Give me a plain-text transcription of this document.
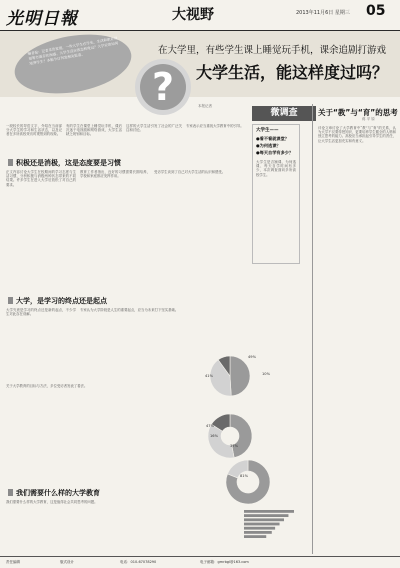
光明日報	大视野	2013年11月6日 星期三 05
编者按：记者采访发现，一些大学生在学业、生活和职业规划等方面存在困惑。大学生活应该怎样度过？大学应该如何培养学生？本版今日刊发相关报道。
在大学里，有些学生课上睡觉玩手机，课余追剧打游戏
大学生活，能这样度过吗？
?	本报记者
一段较长的导语文字，介绍在当前部分大学生的学习和生活状态，以及记者在多所高校采访时观察到的现象。
有的学生在课堂上睡觉玩手机，课后沉迷于电视剧和网络游戏，大学生活缺乏规划和目标。
这样的大学生活引发了社会的广泛关注和讨论。
专家表示应当重视大学教育中的引导。
积极还是消极，这是态度要是习惯
正文内容讨论大学生在校期间的学习态度与生活习惯，分析积极与消极两种状态带来的不同结果。许多学生在进入大学后放松了对自己的要求。
教育工作者指出，良好的习惯需要长期培养，学校和家庭都应发挥作用。
受访学生谈到了自己对大学生活的认识和感受。
大学，是学习的终点还是起点
大学究竟是学习的终点还是新的起点，不少学生对此存在误解。
专家认为大学阶段是人生的重要起点，应当为未来打下坚实基础。
我们需要什么样的大学教育
关于大学教育的目标与方法，多位受访者发表了看法。
我们需要什么样的大学教育，这是值得社会共同思考的问题。
微调查
大学生——
●看不看就课堂？
●为何逃课？
●每天自学有多少？
大学生是否翘课、为何逃课、每天自学时间有多少，本次调查面向多所高校学生。
关于“教”与“育”的思考
蒋 平 原
评论文章讨论了大学教育中“教”与“育”的关系，认为大学不仅要传授知识，更要培养学生健全的人格和独立思考的能力。高校应当承担起引导学生的责任，让大学生活更加充实和有意义。
49%
41%	10%
47%
16%
37%
81%
责任编辑	版式设计	电话：010-67078290	电子邮箱：gmrbgl@163.com
